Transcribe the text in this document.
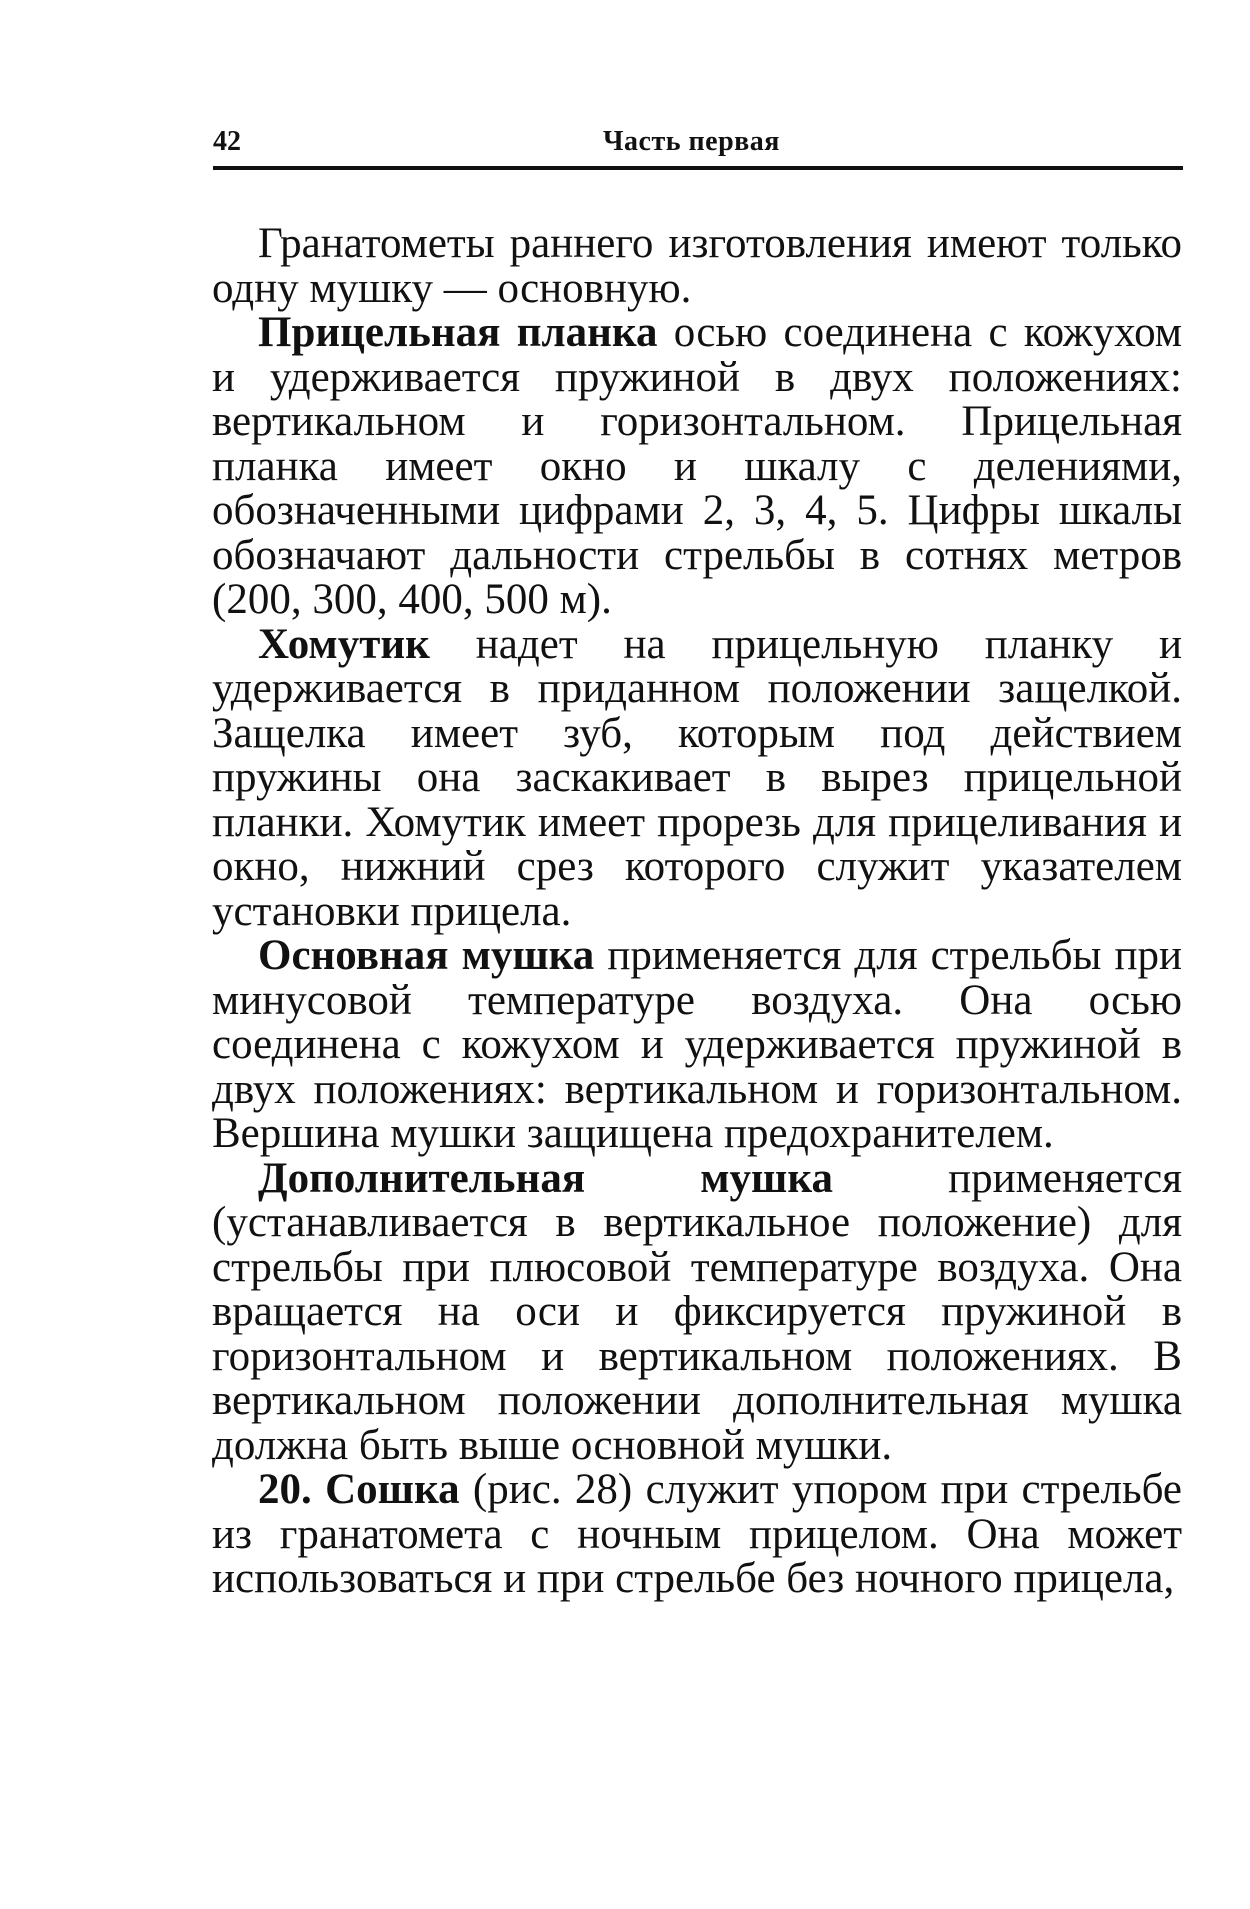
42	Часть первая

Гранатометы раннего изготовления имеют только одну мушку — основную.

Прицельная планка осью соединена с кожухом и удерживается пружиной в двух положениях: вертикальном и горизонтальном. Прицельная планка имеет окно и шкалу с делениями, обозначенными цифрами 2, 3, 4, 5. Цифры шкалы обозначают дальности стрельбы в сотнях метров (200, 300, 400, 500 м).

Хомутик надет на прицельную планку и удерживается в приданном положении защелкой. Защелка имеет зуб, которым под действием пружины она заскакивает в вырез прицельной планки. Хомутик имеет прорезь для прицеливания и окно, нижний срез которого служит указателем установки прицела.

Основная мушка применяется для стрельбы при минусовой температуре воздуха. Она осью соединена с кожухом и удерживается пружиной в двух положениях: вертикальном и горизонтальном. Вершина мушки защищена предохранителем.

Дополнительная мушка применяется (устанавливается в вертикальное положение) для стрельбы при плюсовой температуре воздуха. Она вращается на оси и фиксируется пружиной в горизонтальном и вертикальном положениях. В вертикальном положении дополнительная мушка должна быть выше основной мушки.

20. Сошка (рис. 28) служит упором при стрельбе из гранатомета с ночным прицелом. Она может использоваться и при стрельбе без ночного прицела,
